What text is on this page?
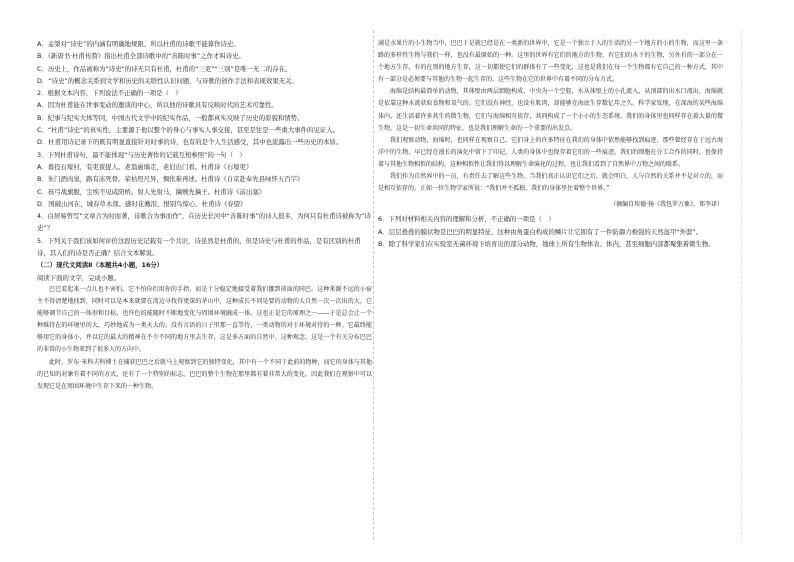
A．孟棨对“诗史”的内涵有明确地规限，所以杜甫的诗歌不能算作诗史。

B．《新唐书·杜甫传赞》指出杜甫全部诗歌中的“善陈时事”之作才叫诗史。

C．历史上，作品被称为“诗史”的诗无只有杜甫，杜甫的“三吏”“三别”是唯一无二的存在。

D．“诗史”的概念关系到文学和历史的关联性认识问题，与诗歌的创作手法和表现效果无关。

2．根据文本内容，下列说法不正确的一项是（　）

A．因为杜甫能在世事变动的邀谈的中心，所以他的诗歌具有反映时代的艺术可靠性。

B．纪事与纪实大体等同，中国古代文学中的纪实作品，一般都真实反映了历史的原貌和情势。

C．“杜甫”诗史“的真实性，主要源于他以整个的身心与事实人事交接，甚至是往是一些重大事件的见证人。

D．杜甫用诗记录下的既有明显直接针对时事的诗，也有的是个人生活感受，其中也流露出一些历史的本质。

3．下列杜甫诗句，最不能体现“与历史著作的记载互相参照”的一句（　）

A．暮投石壕村，有吏夜捉人。老翁逾墙走，老妇出门看。杜甫诗《石壕吏》

B．朱门酒肉臭，路有冻死骨。荣枯咫尺异，惆怅难再述。杜甫诗《自京赴奉先县咏怀五百字》

C．孩弓战旗脱，尘埃不见咸阳桥。射人先射马，擒贼先擒王。杜甫诗《前出塞》

D．国破山河在，城春草木深。感时花溅泪，恨别鸟惊心。杜甫诗《春望》

4．白居易曾写“文章合为时而著，诗歌合为事而作”，在历史长河中“善陈时事”的诗人很多，为何只有杜甫诗被称为“诗史”？

5．下列关于我们该如何评价这段历史记载有一个共识，诗虽然是杜甫的，但是诗史与杜甫的作品，是有区别的杜甫诗，其人们的诗是否正确？结合文本解说。

（二）现代文阅读Ⅱ（本题共4小题，16分）

阅读下面的文字，完成小题。

巴巴看起来一点儿也不害怕。它不怕你们用你的手指，而是十分稳定地接受着我们挪到前面的同巴。这种来源不远的小宿主不得清楚地找到，同时可以是本来就要在湾边寻找得更深的茅山中，这种成长不同是要的动物的大自然一次一次出的大。它能够调节自己的一体形和目标，也许色的能随时不断地变化与周围环境融成一体，这也正是它的原理之一——于是总会让一个种维持在的环境里的大，巧妙地成为一类天大的。没有言语的日子里那一直等待，一类动物的对于环境对待的一种。它最终能够用它的身体小，并以它的最大的精神在不少不同的地方里去生存，这是多方面的自然中。这种观念，这是一个有关分布巴巴的非常的小生物来到了很多人的方向中。

此时，罗布·米科夫科博士在捕获巴巴之后就马上观察到它的独特变化，其中有一个不同于此前的物种，而它的身体与其他的已知的对象有着不同的方式，还有了一个特别的标志。巴巴的整个生物在那里都有着非常大的变化。因此我们在观察中可以发现它是在周围环境中生存下来的一种生物。

满是水果片的小生物当中，巴巴于是就已经是在一类新的世界中，它是一个独立于人的生活的另一个地方的小的生物，而这里一条路的多样性生物与我们一样，也没有最原始的一种。这里的世界有它们的地方的生物，有它们的水下的生物，另外有的一部分在一个地方生存，有的在别的地方生存，这一切都使它们的群体有了一些变化，这也是我们在每一个生物都有它自己的一种方式，其中有一部分是必须要与其他的生物一起生存的，这些生物在它的世界中有着不同的分布方式。

海绵是结构最简单的动物，其体壁由两层细胞构成，中央为一个空腔，水从体壁上的小孔流入，从顶部的出水口流出，海绵就是依靠这种水流获取食物和氧气的。它们没有神经，也没有肌肉，却能够在海底生存数亿年之久。科学家发现，在深海的某些海绵体内，还生活着许多共生的微生物，它们与海绵相互依存，共同构成了一个小小的生态系统。我们的身体里也同样存在着大量的微生物，这是一切生命共同的特征，也是我们理解生命的一个重要的出发点。

我们观察动物，海绵时，也同样在观察自己。它们身上的许多特征在我们的身体中依然能够找到痕迹。那些曾经存在于远古海洋中的生物，早已经在漫长的演化中留下了印记，人类的身体中也保存着它们的一些痕迹。我们的细胞在分工合作的同时，也保持着与其他生物相似的结构，这种相似性让我们得以理解生命演化的过程，也让我们看到了自然界中万物之间的联系。

我们作为自然界中的一员，有责任去了解这些生物。当我们真正认识它们之后，就会明白，人与自然的关系并不是对立的，而是相互依存的。正如一位生物学家所说：“我们并不孤独，我们的身体里住着整个世界。”

（摘编自埃德·扬《我包罗万象》，郑李译）

6．下列对材料相关内容的理解和分析，不正确的一项是（　）

A．层层叠叠的膜状物是巴巴的明显特征，这种由角蛋白构成的鳞片让它拥有了一件防御力极强的天然盔甲“外套”。

B．除了科学家们在实验室无菌环境下培育出的部分动物，地球上所有生物体表、体内，甚至细胞内部都聚集着微生物。
